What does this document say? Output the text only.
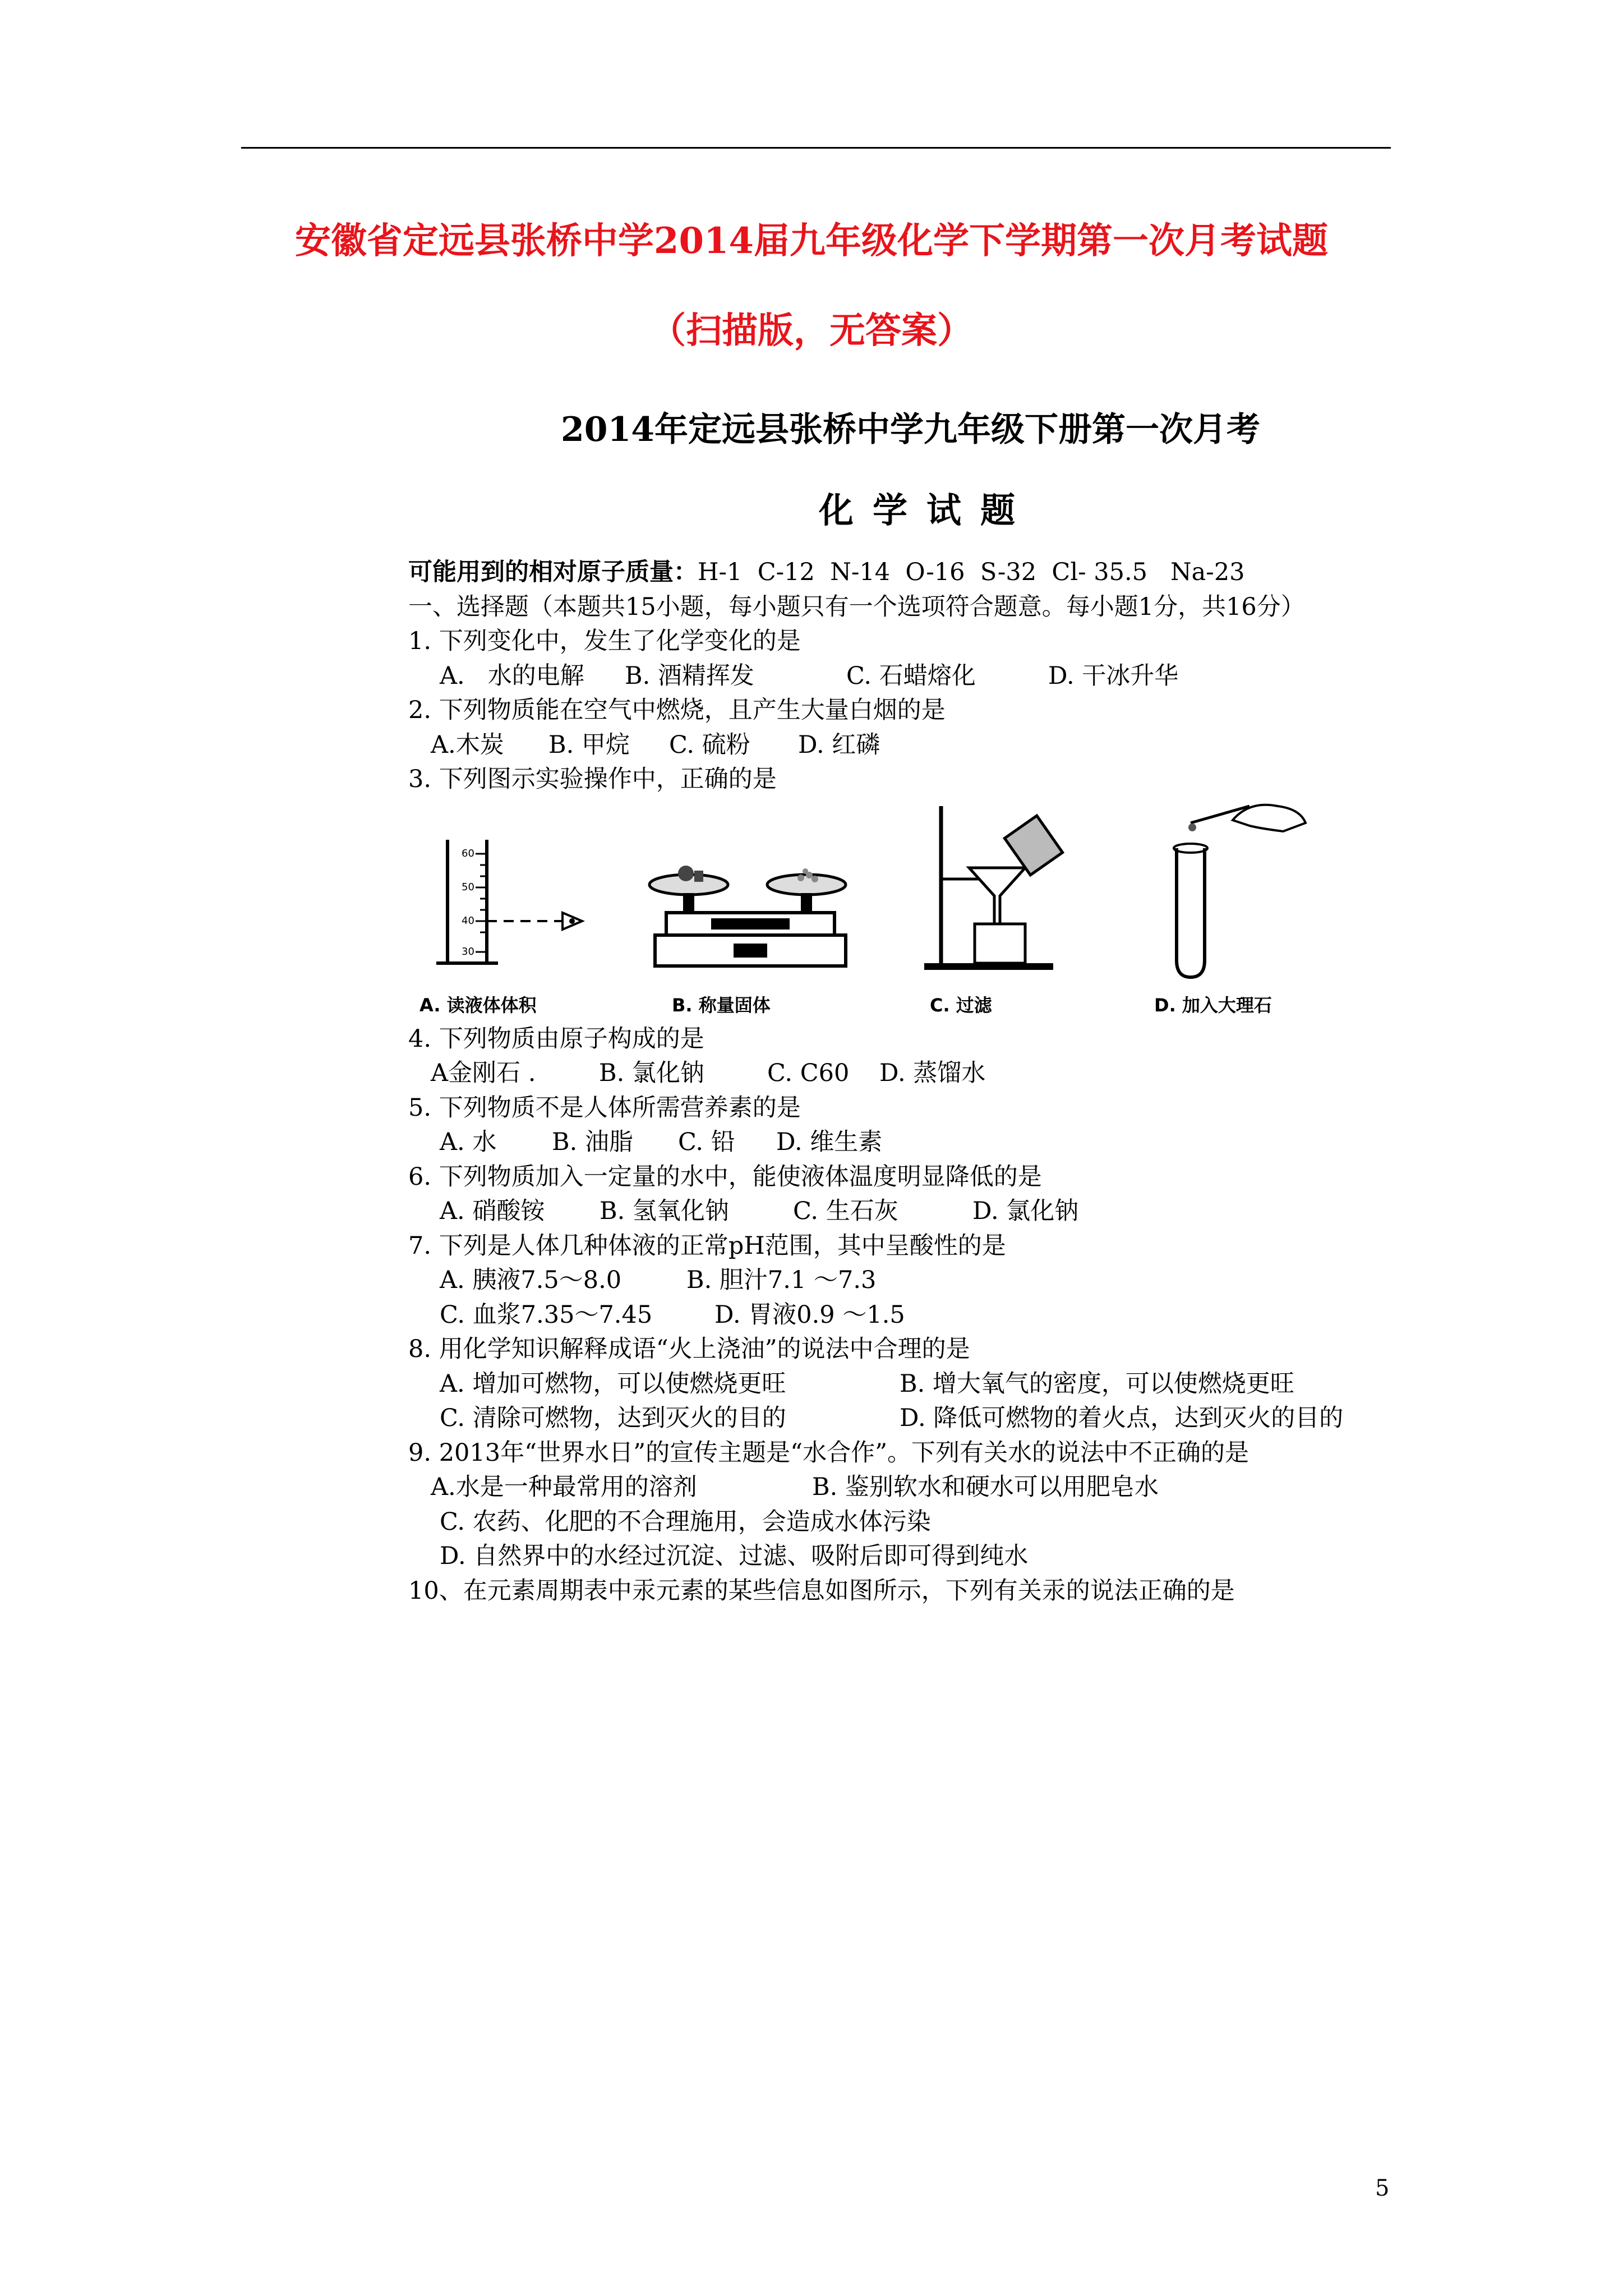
安徽省定远县张桥中学2014届九年级化学下学期第一次月考试题
（扫描版，无答案）
2014年定远县张桥中学九年级下册第一次月考
化学试题
可能用到的相对原子质量：H-1  C-12  N-14  O-16  S-32  Cl- 35.5   Na-23
一、选择题（本题共15小题，每小题只有一个选项符合题意。每小题1分，共16分）
1. 下列变化中，发生了化学变化的是
A.   水的电解 B. 酒精挥发	C. 石蜡熔化	D. 干冰升华
2. 下列物质能在空气中燃烧，且产生大量白烟的是
A.木炭 B. 甲烷 C. 硫粉 D. 红磷
3. 下列图示实验操作中，正确的是
60
50
40
30
A. 读液体体积	B. 称量固体	C. 过滤	D. 加入大理石
4. 下列物质由原子构成的是
A金刚石 .	B. 氯化钠	C. C60 D. 蒸馏水
5. 下列物质不是人体所需营养素的是
A. 水 B. 油脂 C. 铅 D. 维生素
6. 下列物质加入一定量的水中，能使液体温度明显降低的是
A. 硝酸铵 B. 氢氧化钠	C. 生石灰	D. 氯化钠
7. 下列是人体几种体液的正常pH范围，其中呈酸性的是
A. 胰液7.5～8.0	B. 胆汁7.1 ～7.3
C. 血浆7.35～7.45	D. 胃液0.9 ～1.5
8. 用化学知识解释成语“火上浇油”的说法中合理的是
A. 增加可燃物，可以使燃烧更旺	B. 增大氧气的密度，可以使燃烧更旺
C. 清除可燃物，达到灭火的目的	D. 降低可燃物的着火点，达到灭火的目的
9. 2013年“世界水日”的宣传主题是“水合作”。下列有关水的说法中不正确的是
A.水是一种最常用的溶剂	B. 鉴别软水和硬水可以用肥皂水
C. 农药、化肥的不合理施用，会造成水体污染
D. 自然界中的水经过沉淀、过滤、吸附后即可得到纯水
10、在元素周期表中汞元素的某些信息如图所示，下列有关汞的说法正确的是
5
